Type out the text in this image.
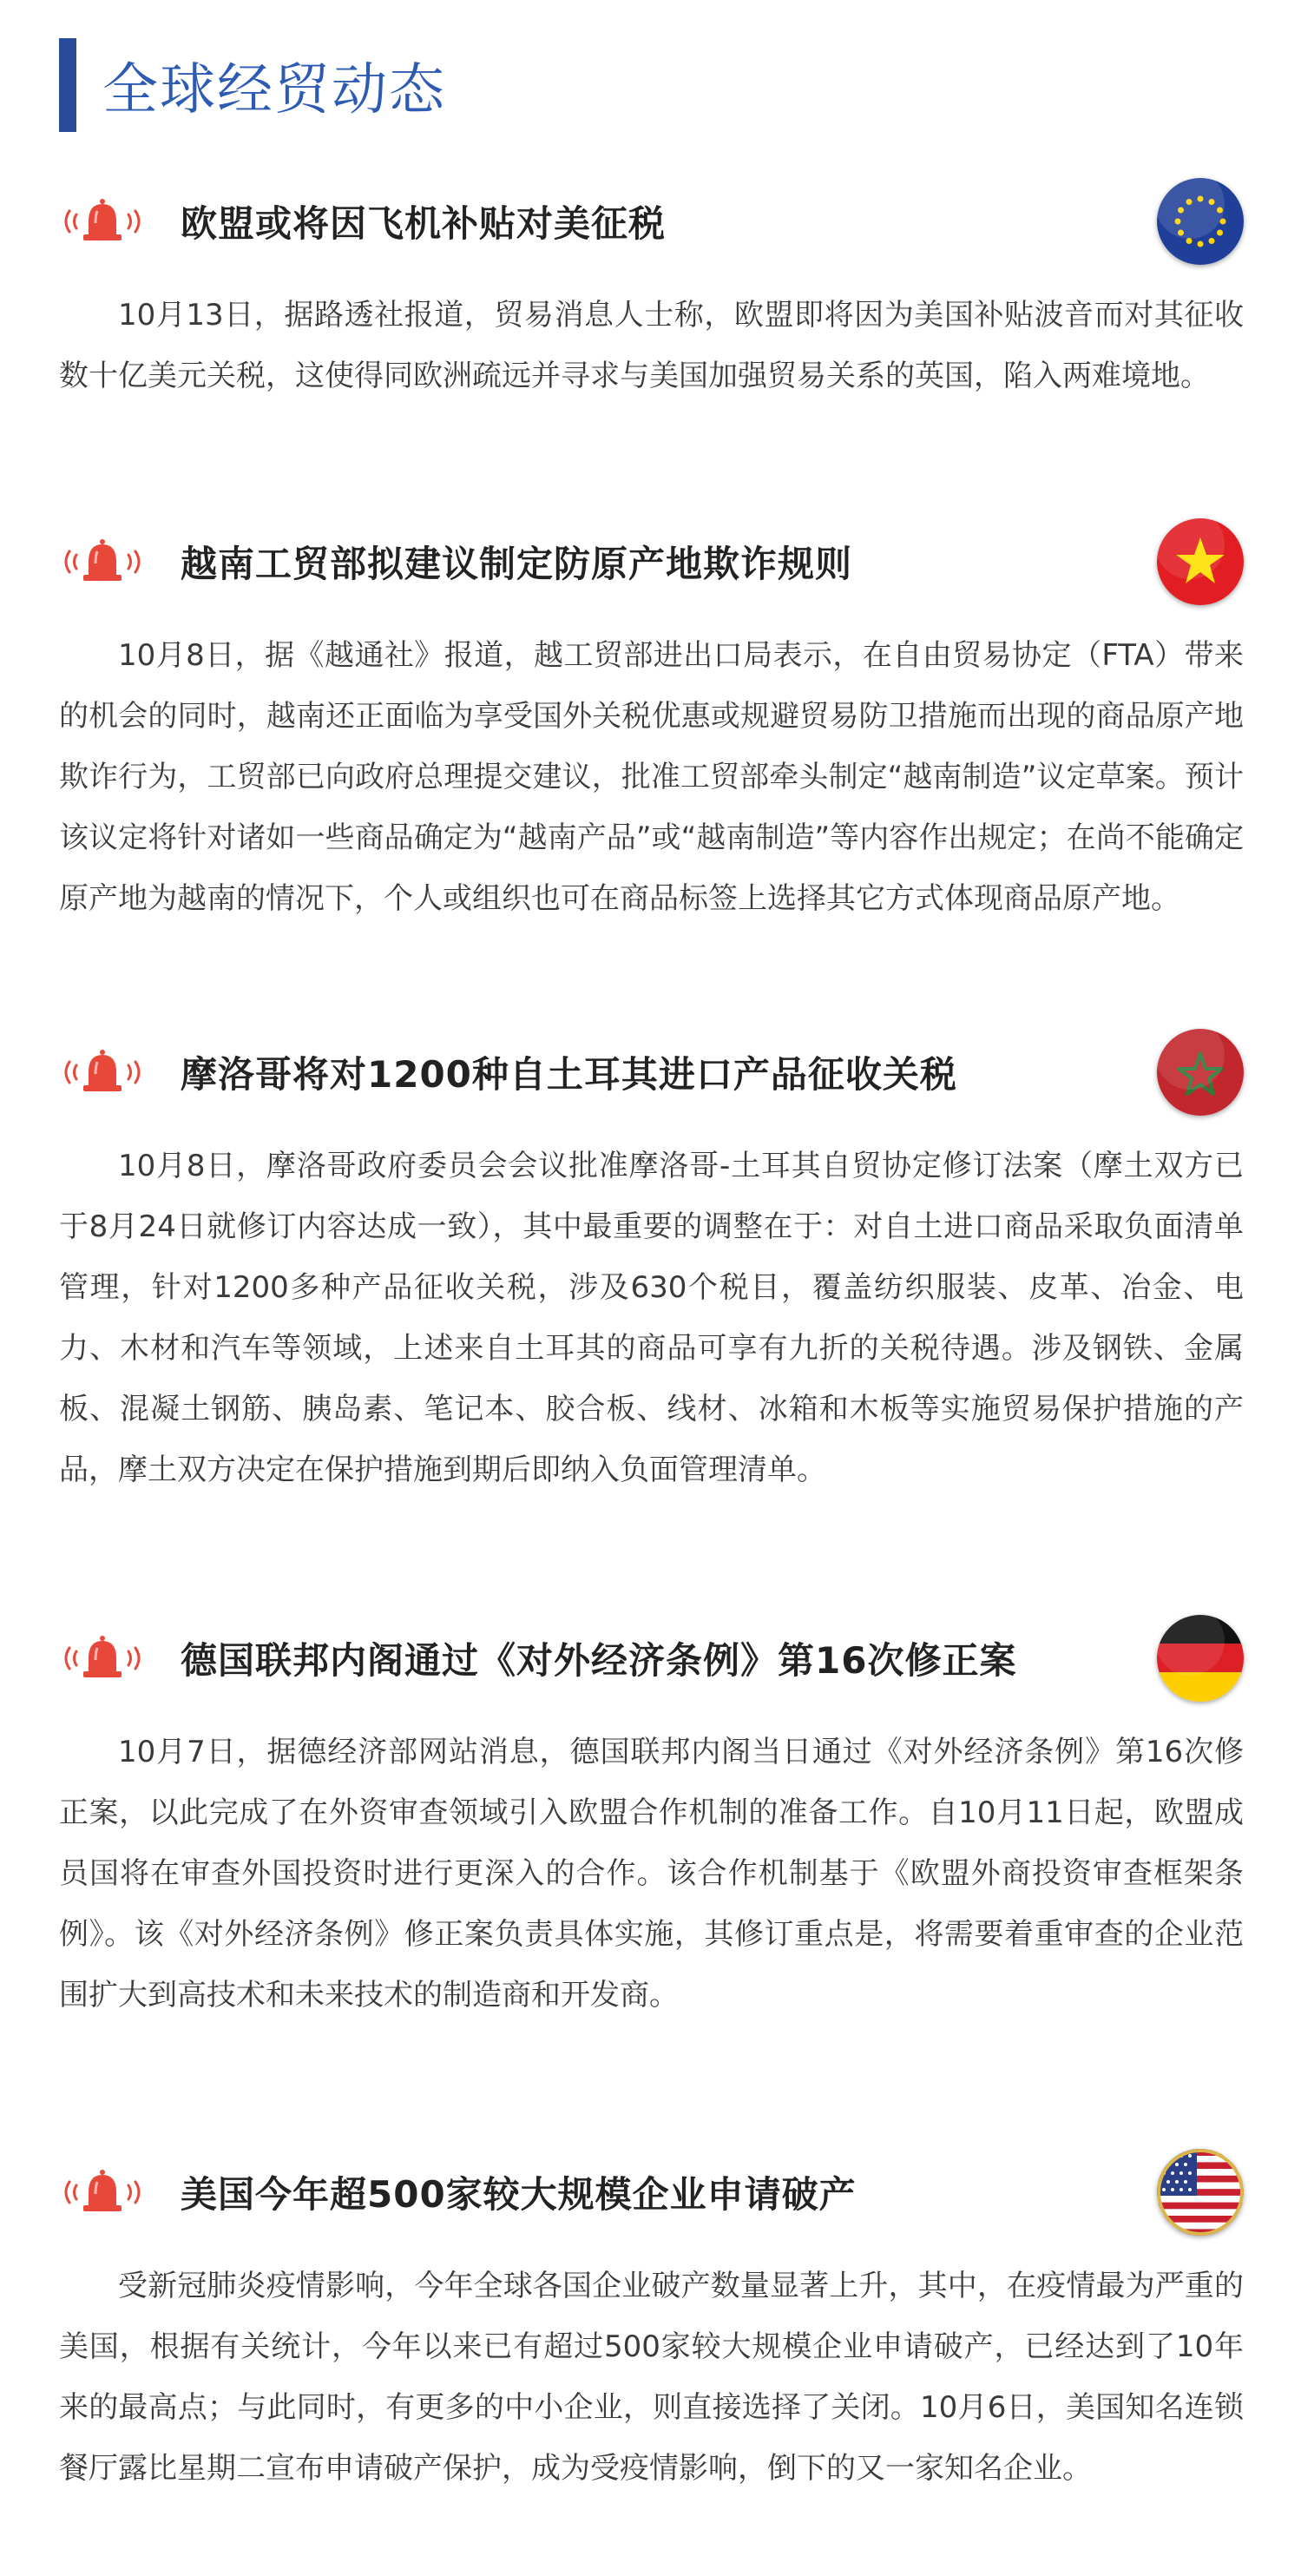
全球经贸动态
欧盟或将因飞机补贴对美征税

10月13日，据路透社报道，贸易消息人士称，欧盟即将因为美国补贴波音而对其征收数十亿美元关税，这使得同欧洲疏远并寻求与美国加强贸易关系的英国，陷入两难境地。

越南工贸部拟建议制定防原产地欺诈规则

10月8日，据《越通社》报道，越工贸部进出口局表示，在自由贸易协定（FTA）带来的机会的同时，越南还正面临为享受国外关税优惠或规避贸易防卫措施而出现的商品原产地欺诈行为，工贸部已向政府总理提交建议，批准工贸部牵头制定“越南制造”议定草案。预计该议定将针对诸如一些商品确定为“越南产品”或“越南制造”等内容作出规定；在尚不能确定原产地为越南的情况下，个人或组织也可在商品标签上选择其它方式体现商品原产地。

摩洛哥将对1200种自土耳其进口产品征收关税

10月8日，摩洛哥政府委员会会议批准摩洛哥-土耳其自贸协定修订法案（摩土双方已于8月24日就修订内容达成一致），其中最重要的调整在于：对自土进口商品采取负面清单管理，针对1200多种产品征收关税，涉及630个税目，覆盖纺织服装、皮革、冶金、电力、木材和汽车等领域，上述来自土耳其的商品可享有九折的关税待遇。涉及钢铁、金属板、混凝土钢筋、胰岛素、笔记本、胶合板、线材、冰箱和木板等实施贸易保护措施的产品，摩土双方决定在保护措施到期后即纳入负面管理清单。

德国联邦内阁通过《对外经济条例》第16次修正案

10月7日，据德经济部网站消息，德国联邦内阁当日通过《对外经济条例》第16次修正案，以此完成了在外资审查领域引入欧盟合作机制的准备工作。自10月11日起，欧盟成员国将在审查外国投资时进行更深入的合作。该合作机制基于《欧盟外商投资审查框架条例》。该《对外经济条例》修正案负责具体实施，其修订重点是，将需要着重审查的企业范围扩大到高技术和未来技术的制造商和开发商。

美国今年超500家较大规模企业申请破产

受新冠肺炎疫情影响，今年全球各国企业破产数量显著上升，其中，在疫情最为严重的美国，根据有关统计，今年以来已有超过500家较大规模企业申请破产，已经达到了10年来的最高点；与此同时，有更多的中小企业，则直接选择了关闭。10月6日，美国知名连锁餐厅露比星期二宣布申请破产保护，成为受疫情影响，倒下的又一家知名企业。
